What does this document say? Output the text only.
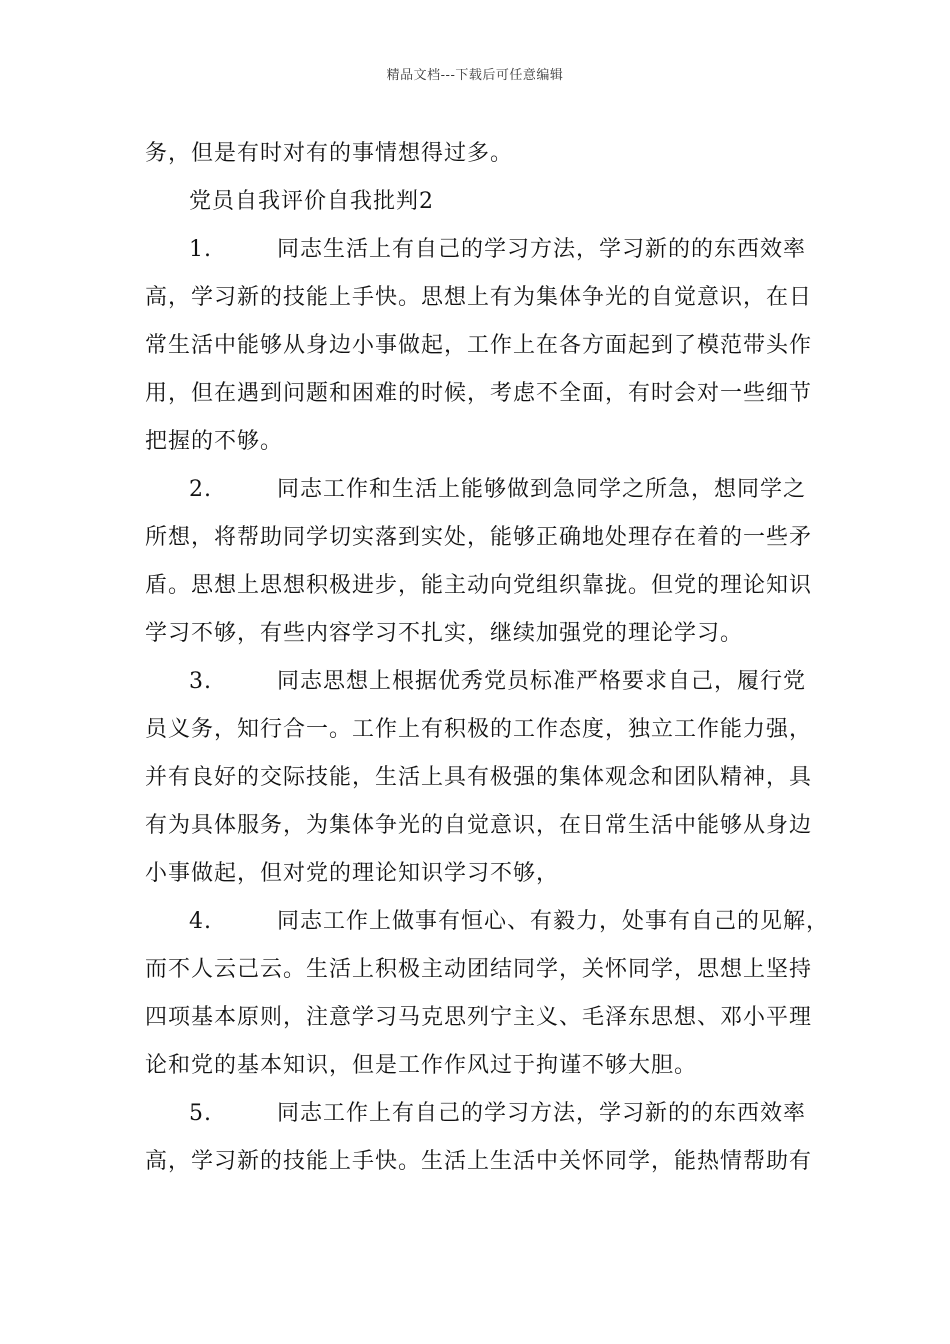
精品文档---下载后可任意编辑
务，但是有时对有的事情想得过多。
党员自我评价自我批判2
1.	同志生活上有自己的学习方法，学习新的的东西效率
高，学习新的技能上手快。思想上有为集体争光的自觉意识，在日
常生活中能够从身边小事做起，工作上在各方面起到了模范带头作
用，但在遇到问题和困难的时候，考虑不全面，有时会对一些细节
把握的不够。
2.	同志工作和生活上能够做到急同学之所急，想同学之
所想，将帮助同学切实落到实处，能够正确地处理存在着的一些矛
盾。思想上思想积极进步，能主动向党组织靠拢。但党的理论知识
学习不够，有些内容学习不扎实，继续加强党的理论学习。
3.	同志思想上根据优秀党员标准严格要求自己，履行党
员义务，知行合一。工作上有积极的工作态度，独立工作能力强，
并有良好的交际技能，生活上具有极强的集体观念和团队精神，具
有为具体服务，为集体争光的自觉意识，在日常生活中能够从身边
小事做起，但对党的理论知识学习不够，
4.	同志工作上做事有恒心、有毅力，处事有自己的见解，
而不人云己云。生活上积极主动团结同学，关怀同学，思想上坚持
四项基本原则，注意学习马克思列宁主义、毛泽东思想、邓小平理
论和党的基本知识，但是工作作风过于拘谨不够大胆。
5.	同志工作上有自己的学习方法，学习新的的东西效率
高，学习新的技能上手快。生活上生活中关怀同学，能热情帮助有
